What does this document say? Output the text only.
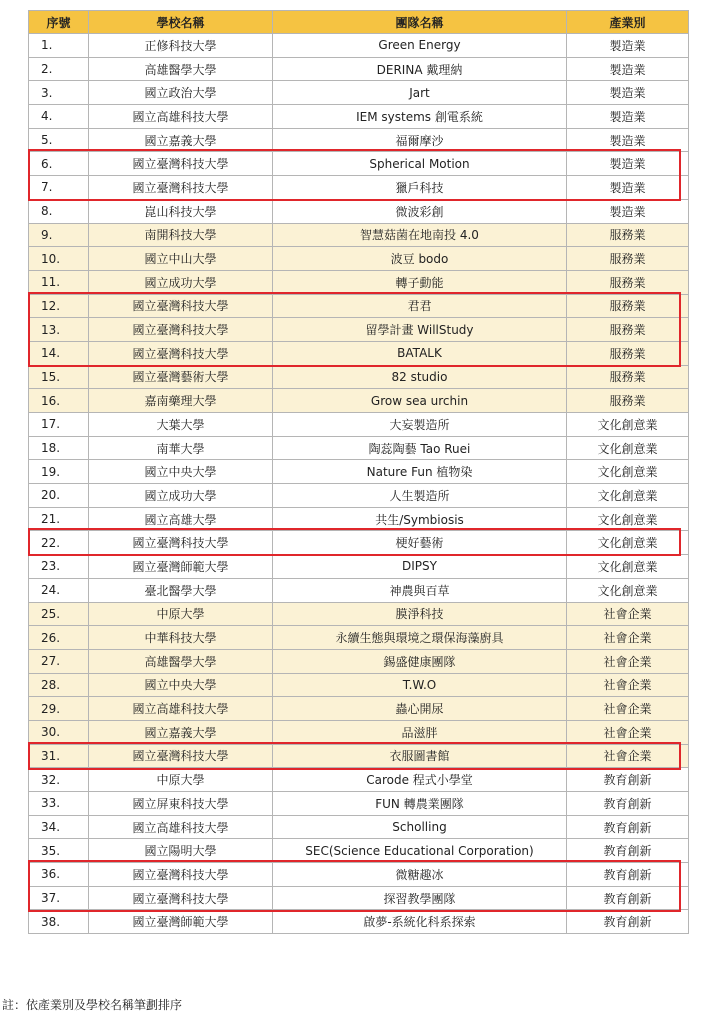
序號	學校名稱	團隊名稱	產業別
1.	正修科技大學	Green Energy	製造業
2.	高雄醫學大學	DERINA 戴理納	製造業
3.	國立政治大學	Jart	製造業
4.	國立高雄科技大學	IEM systems 創電系統	製造業
5.	國立嘉義大學	福爾摩沙	製造業
6.	國立臺灣科技大學	Spherical Motion	製造業
7.	國立臺灣科技大學	獵戶科技	製造業
8.	崑山科技大學	微波彩創	製造業
9.	南開科技大學	智慧菇菌在地南投 4.0	服務業
10.	國立中山大學	波豆 bodo	服務業
11.	國立成功大學	轉子動能	服務業
12.	國立臺灣科技大學	君君	服務業
13.	國立臺灣科技大學	留學計畫 WillStudy	服務業
14.	國立臺灣科技大學	BATALK	服務業
15.	國立臺灣藝術大學	82 studio	服務業
16.	嘉南藥理大學	Grow sea urchin	服務業
17.	大葉大學	大妄製造所	文化創意業
18.	南華大學	陶蕊陶藝 Tao Ruei	文化創意業
19.	國立中央大學	Nature Fun 植物染	文化創意業
20.	國立成功大學	人生製造所	文化創意業
21.	國立高雄大學	共生/Symbiosis	文化創意業
22.	國立臺灣科技大學	梗好藝術	文化創意業
23.	國立臺灣師範大學	DIPSY	文化創意業
24.	臺北醫學大學	神農與百草	文化創意業
25.	中原大學	膜淨科技	社會企業
26.	中華科技大學	永續生態與環境之環保海藻廚具	社會企業
27.	高雄醫學大學	錫盛健康團隊	社會企業
28.	國立中央大學	T.W.O	社會企業
29.	國立高雄科技大學	蟲心開尿	社會企業
30.	國立嘉義大學	品滋胖	社會企業
31.	國立臺灣科技大學	衣服圖書館	社會企業
32.	中原大學	Carode 程式小學堂	教育創新
33.	國立屏東科技大學	FUN 轉農業團隊	教育創新
34.	國立高雄科技大學	Scholling	教育創新
35.	國立陽明大學	SEC(Science Educational Corporation)	教育創新
36.	國立臺灣科技大學	微糖趣冰	教育創新
37.	國立臺灣科技大學	探習教學團隊	教育創新
38.	國立臺灣師範大學	啟夢-系統化科系探索	教育創新
註：依產業別及學校名稱筆劃排序
